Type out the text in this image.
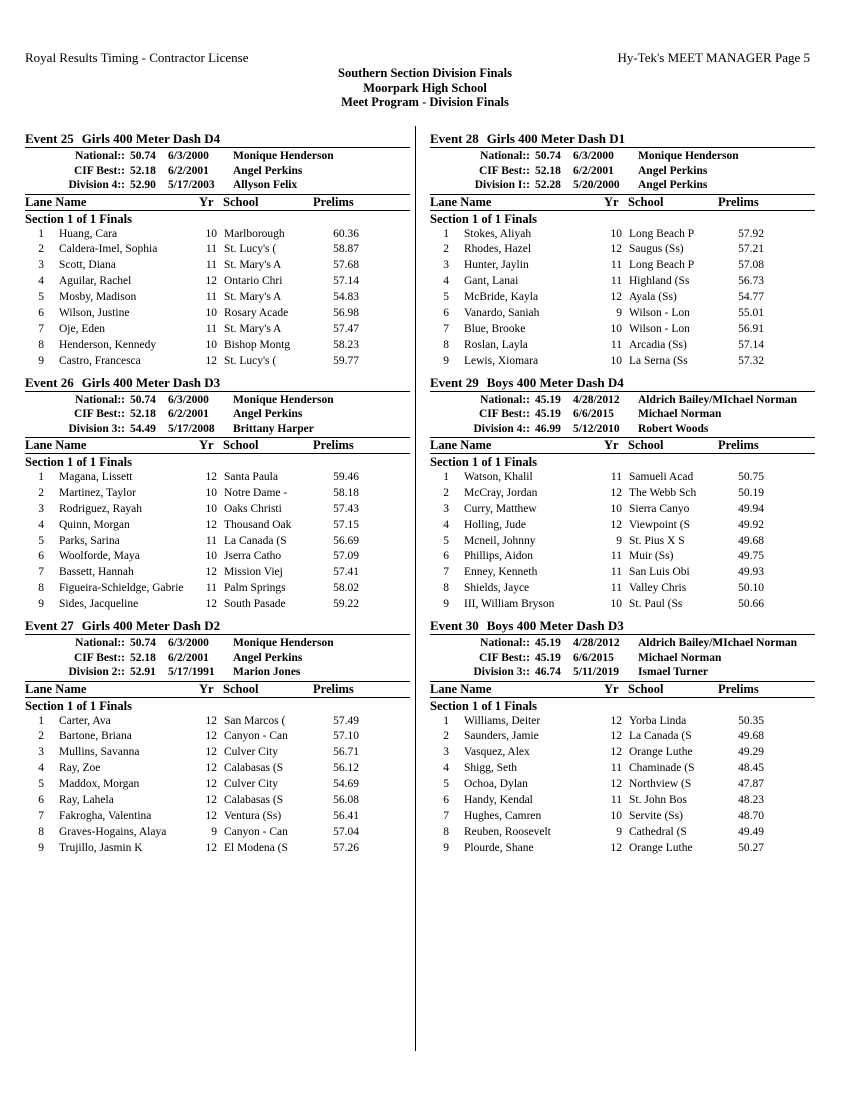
Royal Results Timing - Contractor License	Hy-Tek's MEET MANAGER Page 5
Southern Section Division Finals
Moorpark High School
Meet Program - Division Finals
Event 25 Girls 400 Meter Dash D4
National:: 50.74 6/3/2000 Monique Henderson
CIF Best:: 52.18 6/2/2001 Angel Perkins
Division 4:: 52.90 5/17/2003 Allyson Felix
Lane Name	Yr School	Prelims
Section 1 of 1 Finals
1 Huang, Cara	10 Marlborough	60.36
2 Caldera-Imel, Sophia	11 St. Lucy's (	58.87
3 Scott, Diana	11 St. Mary's A	57.68
4 Aguilar, Rachel	12 Ontario Chri	57.14
5 Mosby, Madison	11 St. Mary's A	54.83
6 Wilson, Justine	10 Rosary Acade	56.98
7 Oje, Eden	11 St. Mary's A	57.47
8 Henderson, Kennedy	10 Bishop Montg	58.23
9 Castro, Francesca	12 St. Lucy's (	59.77
Event 26 Girls 400 Meter Dash D3
National:: 50.74 6/3/2000 Monique Henderson
CIF Best:: 52.18 6/2/2001 Angel Perkins
Division 3:: 54.49 5/17/2008 Brittany Harper
Lane Name	Yr School	Prelims
Section 1 of 1 Finals
1 Magana, Lissett	12 Santa Paula	59.46
2 Martinez, Taylor	10 Notre Dame -	58.18
3 Rodriguez, Rayah	10 Oaks Christi	57.43
4 Quinn, Morgan	12 Thousand Oak	57.15
5 Parks, Sarina	11 La Canada (S	56.69
6 Woolforde, Maya	10 Jserra Catho	57.09
7 Bassett, Hannah	12 Mission Viej	57.41
8 Figueira-Schieldge, Gabrie	11 Palm Springs	58.02
9 Sides, Jacqueline	12 South Pasade	59.22
Event 27 Girls 400 Meter Dash D2
National:: 50.74 6/3/2000 Monique Henderson
CIF Best:: 52.18 6/2/2001 Angel Perkins
Division 2:: 52.91 5/17/1991 Marion Jones
Lane Name	Yr School	Prelims
Section 1 of 1 Finals
1 Carter, Ava	12 San Marcos (	57.49
2 Bartone, Briana	12 Canyon - Can	57.10
3 Mullins, Savanna	12 Culver City	56.71
4 Ray, Zoe	12 Calabasas (S	56.12
5 Maddox, Morgan	12 Culver City	54.69
6 Ray, Lahela	12 Calabasas (S	56.08
7 Fakrogha, Valentina	12 Ventura (Ss)	56.41
8 Graves-Hogains, Alaya	9 Canyon - Can	57.04
9 Trujillo, Jasmin K	12 El Modena (S	57.26
Event 28 Girls 400 Meter Dash D1
National:: 50.74 6/3/2000 Monique Henderson
CIF Best:: 52.18 6/2/2001 Angel Perkins
Division I:: 52.28 5/20/2000 Angel Perkins
Lane Name	Yr School	Prelims
Section 1 of 1 Finals
1 Stokes, Aliyah	10 Long Beach P	57.92
2 Rhodes, Hazel	12 Saugus (Ss)	57.21
3 Hunter, Jaylin	11 Long Beach P	57.08
4 Gant, Lanai	11 Highland (Ss	56.73
5 McBride, Kayla	12 Ayala (Ss)	54.77
6 Vanardo, Saniah	9 Wilson - Lon	55.01
7 Blue, Brooke	10 Wilson - Lon	56.91
8 Roslan, Layla	11 Arcadia (Ss)	57.14
9 Lewis, Xiomara	10 La Serna (Ss	57.32
Event 29 Boys 400 Meter Dash D4
National:: 45.19 4/28/2012 Aldrich Bailey/MIchael Norman
CIF Best:: 45.19 6/6/2015 Michael Norman
Division 4:: 46.99 5/12/2010 Robert Woods
Lane Name	Yr School	Prelims
Section 1 of 1 Finals
1 Watson, Khalil	11 Samueli Acad	50.75
2 McCray, Jordan	12 The Webb Sch	50.19
3 Curry, Matthew	10 Sierra Canyo	49.94
4 Holling, Jude	12 Viewpoint (S	49.92
5 Mcneil, Johnny	9 St. Pius X S	49.68
6 Phillips, Aidon	11 Muir (Ss)	49.75
7 Enney, Kenneth	11 San Luis Obi	49.93
8 Shields, Jayce	11 Valley Chris	50.10
9 III, William Bryson	10 St. Paul (Ss	50.66
Event 30 Boys 400 Meter Dash D3
National:: 45.19 4/28/2012 Aldrich Bailey/MIchael Norman
CIF Best:: 45.19 6/6/2015 Michael Norman
Division 3:: 46.74 5/11/2019 Ismael Turner
Lane Name	Yr School	Prelims
Section 1 of 1 Finals
1 Williams, Deiter	12 Yorba Linda	50.35
2 Saunders, Jamie	12 La Canada (S	49.68
3 Vasquez, Alex	12 Orange Luthe	49.29
4 Shigg, Seth	11 Chaminade (S	48.45
5 Ochoa, Dylan	12 Northview (S	47.87
6 Handy, Kendal	11 St. John Bos	48.23
7 Hughes, Camren	10 Servite (Ss)	48.70
8 Reuben, Roosevelt	9 Cathedral (S	49.49
9 Plourde, Shane	12 Orange Luthe	50.27
